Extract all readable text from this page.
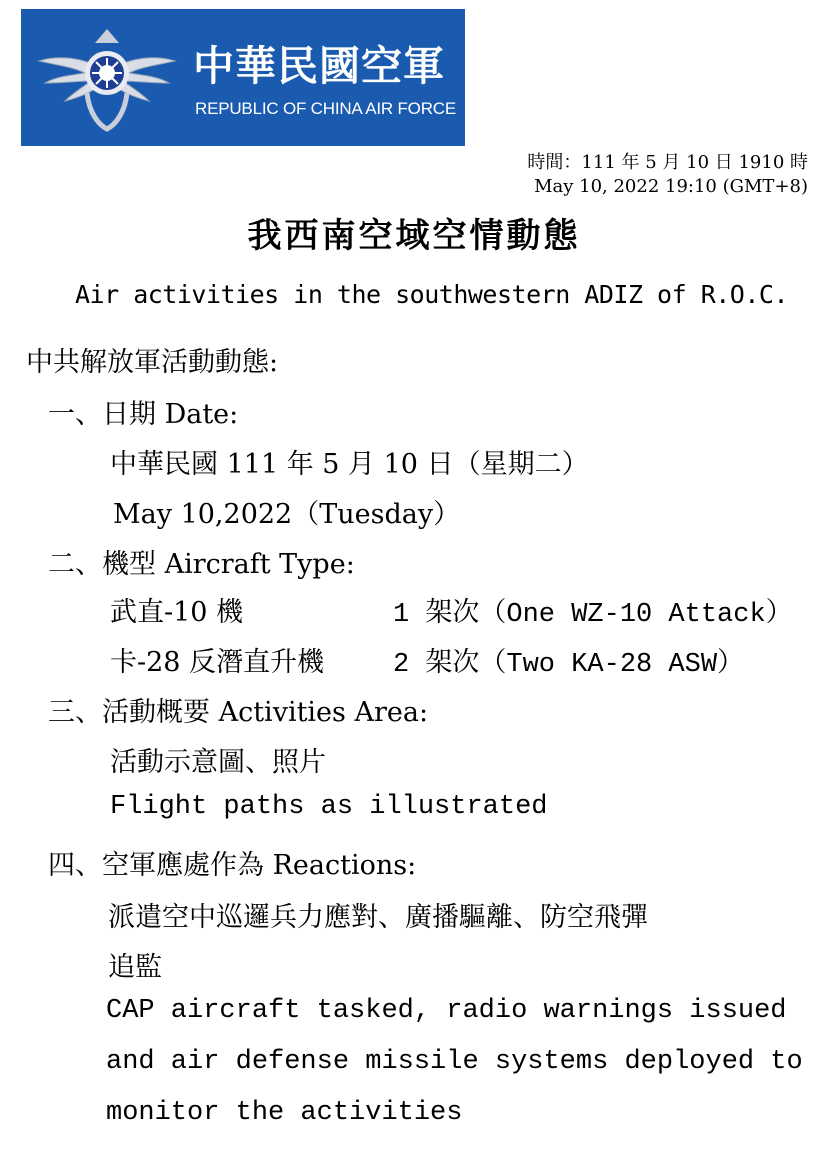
中華民國空軍
REPUBLIC OF CHINA AIR FORCE
時間：111 年 5 月 10 日 1910 時
May 10, 2022 19:10 (GMT+8)
我西南空域空情動態
Air activities in the southwestern ADIZ of R.O.C.
中共解放軍活動動態:
一、日期 Date:
中華民國 111 年 5 月 10 日（星期二）
May 10,2022（Tuesday）
二、機型 Aircraft Type:
武直-10 機	1 架次（One WZ-10 Attack）
卡-28 反潛直升機	2 架次（Two KA-28 ASW）
三、活動概要 Activities Area:
活動示意圖、照片
Flight paths as illustrated
四、空軍應處作為 Reactions:
派遣空中巡邏兵力應對、廣播驅離、防空飛彈
追監
CAP aircraft tasked, radio warnings issued
and air defense missile systems deployed to
monitor the activities
